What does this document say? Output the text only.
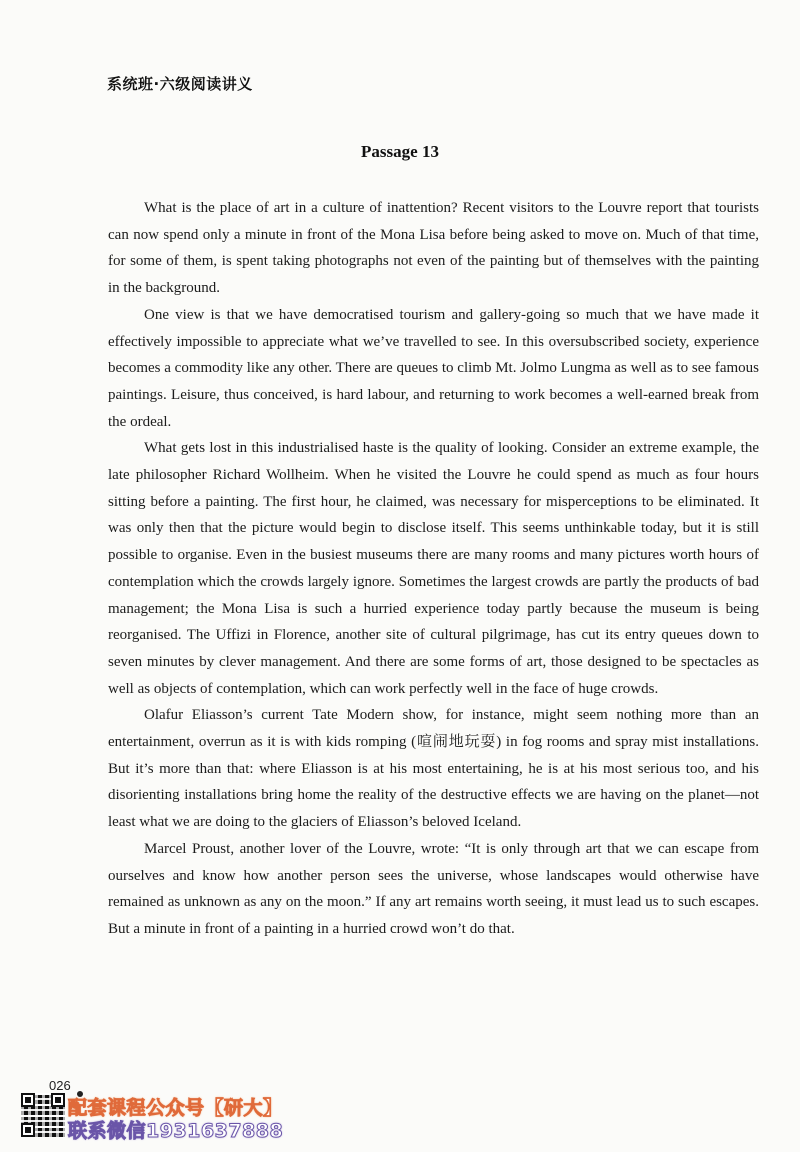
系统班·六级阅读讲义
Passage 13

What is the place of art in a culture of inattention? Recent visitors to the Louvre report that tourists can now spend only a minute in front of the Mona Lisa before being asked to move on. Much of that time, for some of them, is spent taking photographs not even of the painting but of themselves with the painting in the background.

One view is that we have democratised tourism and gallery-going so much that we have made it effectively impossible to appreciate what we’ve travelled to see. In this oversubscribed society, experience becomes a commodity like any other. There are queues to climb Mt. Jolmo Lungma as well as to see famous paintings. Leisure, thus conceived, is hard labour, and returning to work becomes a well-earned break from the ordeal.

What gets lost in this industrialised haste is the quality of looking. Consider an extreme example, the late philosopher Richard Wollheim. When he visited the Louvre he could spend as much as four hours sitting before a painting. The first hour, he claimed, was necessary for misperceptions to be eliminated. It was only then that the picture would begin to disclose itself. This seems unthinkable today, but it is still possible to organise. Even in the busiest museums there are many rooms and many pictures worth hours of contemplation which the crowds largely ignore. Sometimes the largest crowds are partly the products of bad management; the Mona Lisa is such a hurried experience today partly because the museum is being reorganised. The Uffizi in Florence, another site of cultural pilgrimage, has cut its entry queues down to seven minutes by clever management. And there are some forms of art, those designed to be spectacles as well as objects of contemplation, which can work perfectly well in the face of huge crowds.

Olafur Eliasson’s current Tate Modern show, for instance, might seem nothing more than an entertainment, overrun as it is with kids romping (喧闹地玩耍) in fog rooms and spray mist installations. But it’s more than that: where Eliasson is at his most entertaining, he is at his most serious too, and his disorienting installations bring home the reality of the destructive effects we are having on the planet—not least what we are doing to the glaciers of Eliasson’s beloved Iceland.

Marcel Proust, another lover of the Louvre, wrote: “It is only through art that we can escape from ourselves and know how another person sees the universe, whose landscapes would otherwise have remained as unknown as any on the moon.” If any art remains worth seeing, it must lead us to such escapes. But a minute in front of a painting in a hurried crowd won’t do that.

026
配套课程公众号【研大】
联系微信1931637888
